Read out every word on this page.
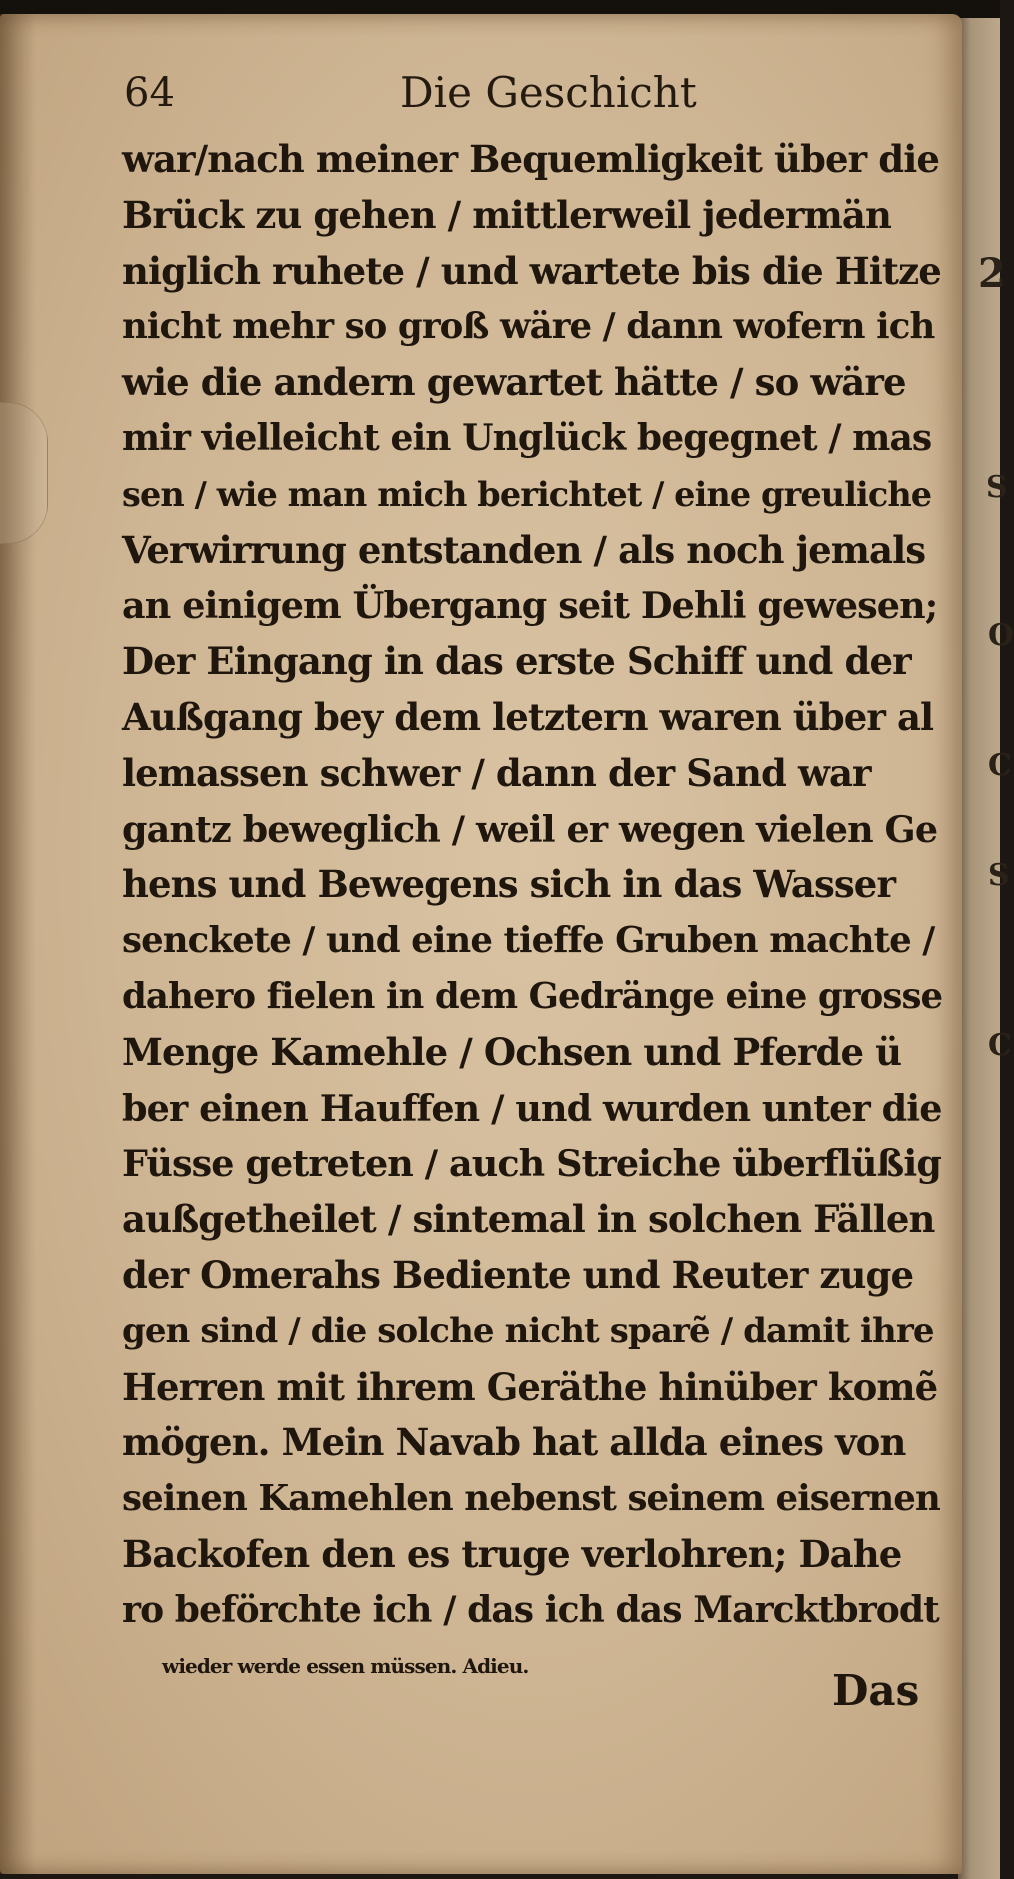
2
S
O
C
S
C
64	Die Geschicht
war/nach meiner Bequemligkeit über die
Brück zu gehen / mittlerweil jedermän
niglich ruhete / und wartete bis die Hitze
nicht mehr so groß wäre / dann wofern ich
wie die andern gewartet hätte / so wäre
mir vielleicht ein Unglück begegnet / mas
sen / wie man mich berichtet / eine greuliche
Verwirrung entstanden / als noch jemals
an einigem Übergang seit Dehli gewesen;
Der Eingang in das erste Schiff und der
Außgang bey dem letztern waren über al
lemassen schwer / dann der Sand war
gantz beweglich / weil er wegen vielen Ge
hens und Bewegens sich in das Wasser
senckete / und eine tieffe Gruben machte /
dahero fielen in dem Gedränge eine grosse
Menge Kamehle / Ochsen und Pferde ü
ber einen Hauffen / und wurden unter die
Füsse getreten / auch Streiche überflüßig
außgetheilet / sintemal in solchen Fällen
der Omerahs Bediente und Reuter zuge
gen sind / die solche nicht sparẽ / damit ihre
Herren mit ihrem Geräthe hinüber komẽ
mögen. Mein Navab hat allda eines von
seinen Kamehlen nebenst seinem eisernen
Backofen den es truge verlohren; Dahe
ro beförchte ich / das ich das Marcktbrodt
wieder werde essen müssen. Adieu.
Das
